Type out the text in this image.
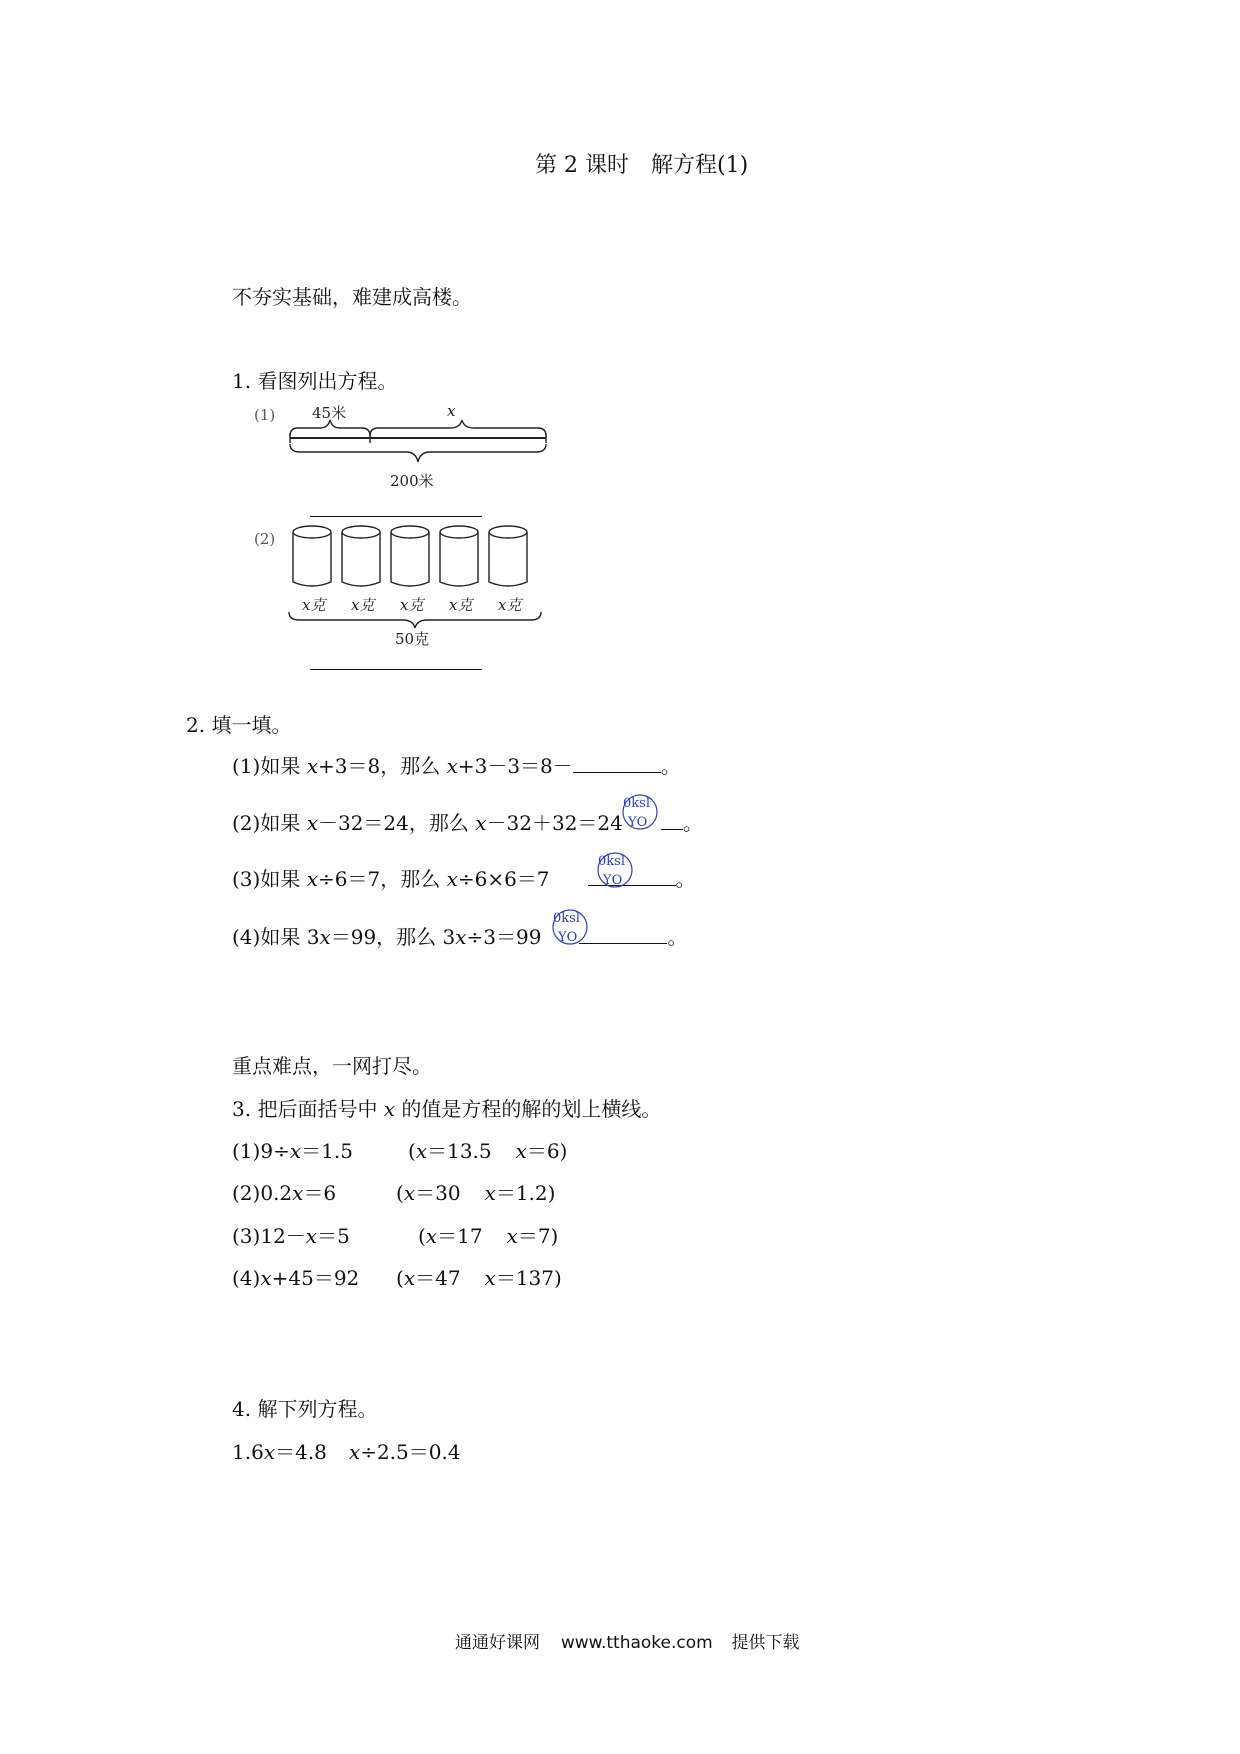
第 2 课时　解方程(1)
不夯实基础，难建成高楼。
1. 看图列出方程。
(1) 45米	x
200米
(2)
x克 x克 x克 x克 x克
50克
2. 填一填。
(1)如果 x+3＝8，那么 x+3－3＝8－	。
(2)如果 x－32＝24，那么 x－32＋32＝24	。
(3)如果 x÷6＝7，那么 x÷6×6＝7	。
(4)如果 3x＝99，那么 3x÷3＝99	。
0ksl
YO
0ksl
YO
0ksl
YO
重点难点，一网打尽。
3. 把后面括号中 x 的值是方程的解的划上横线。
(1)9÷x＝1.5	(x＝13.5 x＝6)
(2)0.2x＝6	(x＝30 x＝1.2)
(3)12－x＝5	(x＝17 x＝7)
(4)x+45＝92 (x＝47 x＝137)
4. 解下列方程。
1.6x＝4.8 x÷2.5＝0.4
通通好课网 www.tthaoke.com 提供下载
